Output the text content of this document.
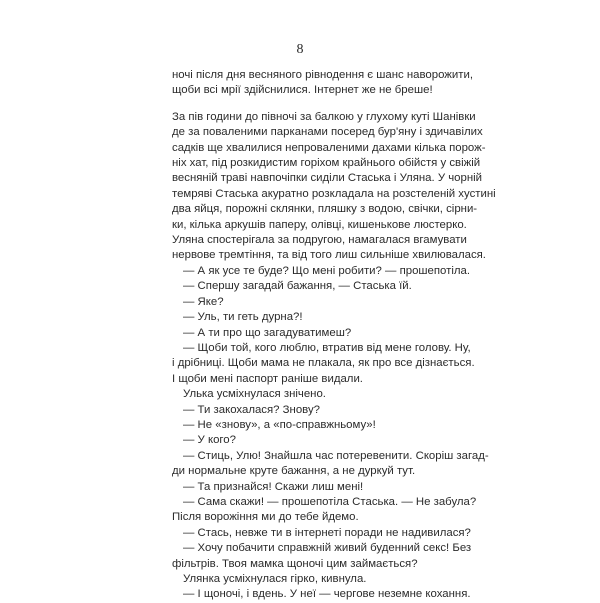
8
ночі після дня весняного рівнодення є шанс наворожити,
щоби всі мрії здійснилися. Інтернет же не бреше!
За пів години до півночі за балкою у глухому куті Шанівки
де за поваленими парканами посеред бур'яну і здичавілих
садків ще хвалилися непровaленими дахами кілька порож-
ніх хат, під розкидистим горіхом крайнього обійстя у свіжій
весняній траві навпочіпки сиділи Стаська і Уляна. У чорній
темряві Стаська акуратно розкладала на розстеленій хустині
два яйця, порожні склянки, пляшку з водою, свічки, сірни-
ки, кілька аркушів паперу, олівці, кишенькове люстерко.
Уляна спостерігала за подругою, намагалася вгамувати
нервове тремтіння, та від того лиш сильніше хвилювалася.
— А як усе те буде? Що мені робити? — прошепотіла.
— Спершу загадай бажання, — Стаська їй.
— Яке?
— Уль, ти геть дурна?!
— А ти про що загадуватимеш?
— Щоби той, кого люблю, втратив від мене голову. Ну,
і дрібниці. Щоби мама не плакала, як про все дізнається.
І щоби мені паспорт раніше видали.
Улька усміхнулася знічено.
— Ти закохалася? Знову?
— Не «знову», а «по-справжньому»!
— У кого?
— Стиць, Улю! Знайшла час потеревенити. Скоріш загад-
ди нормальне круте бажання, а не дуркуй тут.
— Та признайся! Скажи лиш мені!
— Сама скажи! — прошепотіла Стаська. — Не забула?
Після ворожіння ми до тебе йдемо.
— Стась, невже ти в інтернеті поради не надивилася?
— Хочу побачити справжній живий буденний секс! Без
фільтрів. Твоя мамка щоночі цим займається?
Улянка усміхнулася гірко, кивнула.
— І щоночі, і вдень. У неї — чергове неземне кохання.
